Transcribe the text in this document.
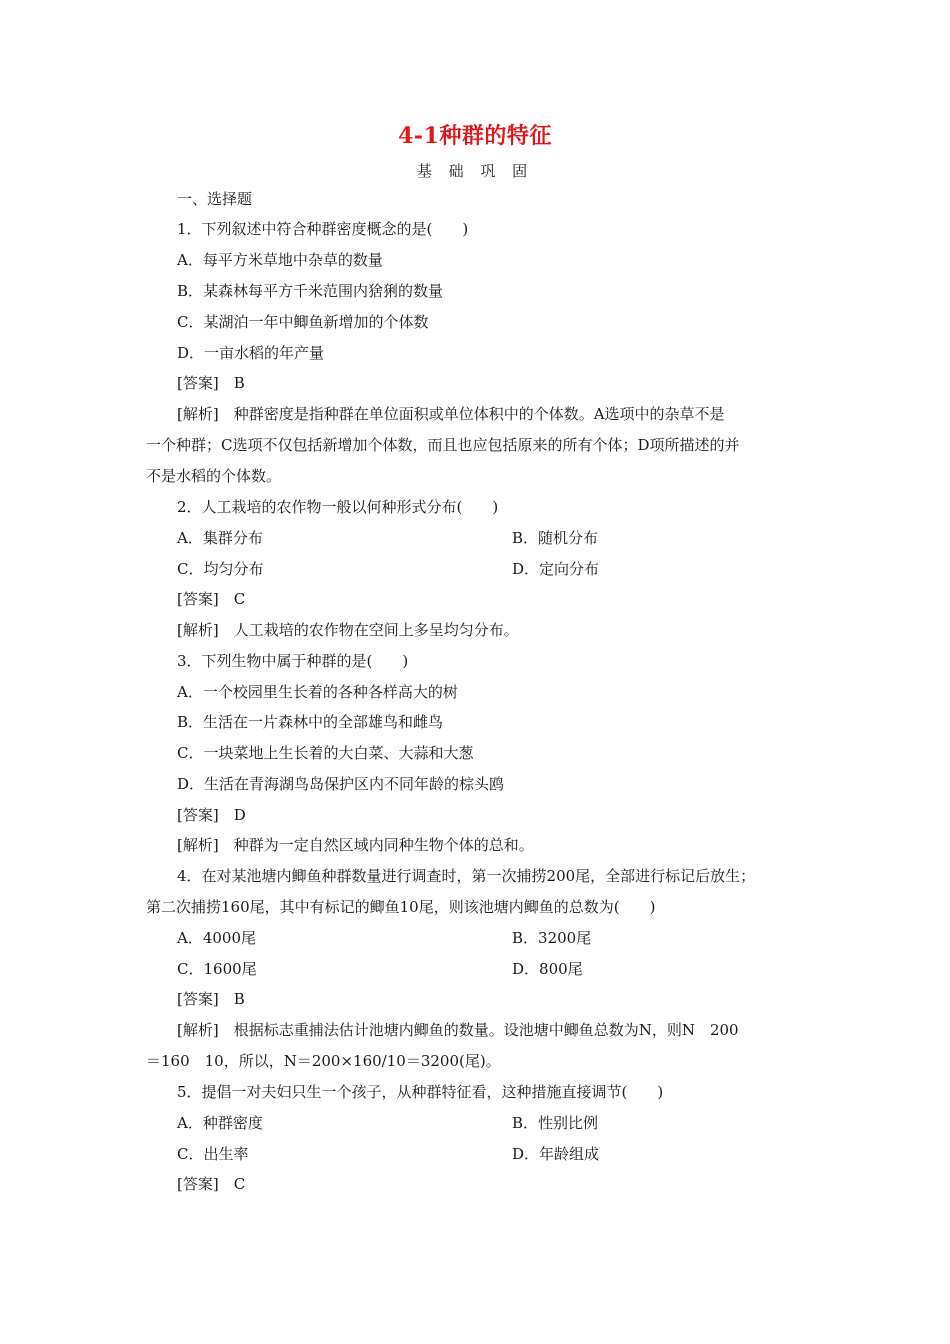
4-1种群的特征
基 础 巩 固
一、选择题
1．下列叙述中符合种群密度概念的是(　　)
A．每平方米草地中杂草的数量
B．某森林每平方千米范围内猞猁的数量
C．某湖泊一年中鲫鱼新增加的个体数
D．一亩水稻的年产量
[答案]　B
[解析]　种群密度是指种群在单位面积或单位体积中的个体数。A选项中的杂草不是
一个种群；C选项不仅包括新增加个体数，而且也应包括原来的所有个体；D项所描述的并
不是水稻的个体数。
2．人工栽培的农作物一般以何种形式分布(　　)
A．集群分布	B．随机分布
C．均匀分布	D．定向分布
[答案]　C
[解析]　人工栽培的农作物在空间上多呈均匀分布。
3．下列生物中属于种群的是(　　)
A．一个校园里生长着的各种各样高大的树
B．生活在一片森林中的全部雄鸟和雌鸟
C．一块菜地上生长着的大白菜、大蒜和大葱
D．生活在青海湖鸟岛保护区内不同年龄的棕头鸥
[答案]　D
[解析]　种群为一定自然区域内同种生物个体的总和。
4．在对某池塘内鲫鱼种群数量进行调查时，第一次捕捞200尾，全部进行标记后放生；
第二次捕捞160尾，其中有标记的鲫鱼10尾，则该池塘内鲫鱼的总数为(　　)
A．4000尾	B．3200尾
C．1600尾	D．800尾
[答案]　B
[解析]　根据标志重捕法估计池塘内鲫鱼的数量。设池塘中鲫鱼总数为N，则N　200
＝160　10，所以，N＝200×160/10＝3200(尾)。
5．提倡一对夫妇只生一个孩子，从种群特征看，这种措施直接调节(　　)
A．种群密度	B．性别比例
C．出生率	D．年龄组成
[答案]　C
